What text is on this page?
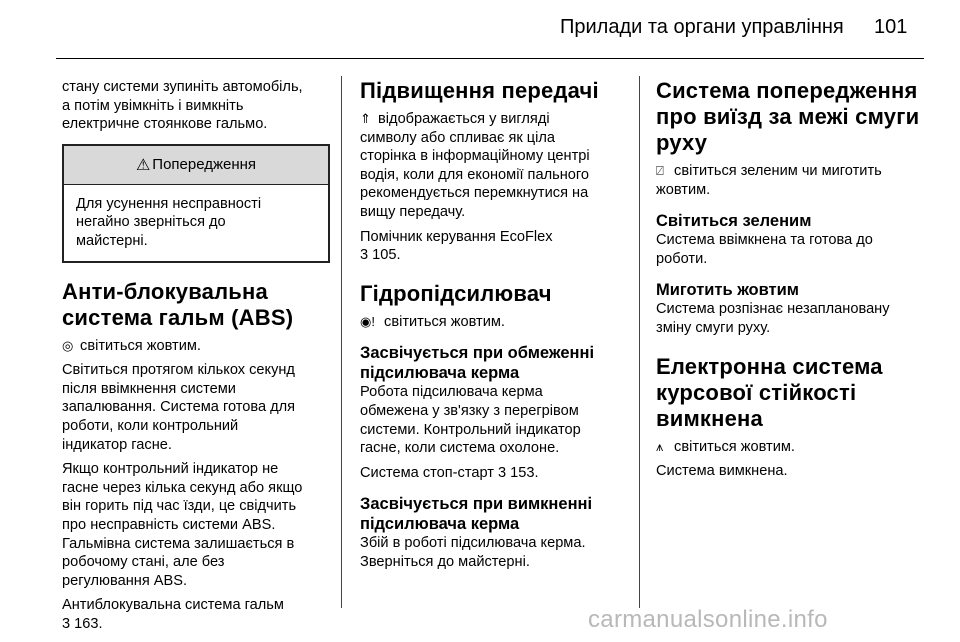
Прилади та органи управління 101

стану системи зупиніть автомобіль,
а потім увімкніть і вимкніть
електричне стоянкове гальмо.

⚠ Попередження

Для усунення несправності
негайно зверніться до
майстерні.

Анти-блокувальна
система гальм (ABS)

◎ світиться жовтим.

Світиться протягом кількох секунд
після ввімкнення системи
запалювання. Система готова для
роботи, коли контрольний
індикатор гасне.

Якщо контрольний індикатор не
гасне через кілька секунд або якщо
він горить під час їзди, це свідчить
про несправність системи ABS.
Гальмівна система залишається в
робочому стані, але без
регулювання ABS.

Антиблокувальна система гальм
3 163.

Підвищення передачі

⇑ відображається у вигляді
символу або спливає як ціла
сторінка в інформаційному центрі
водія, коли для економії пального
рекомендується перемкнутися на
вищу передачу.

Помічник керування EcoFlex
3 105.

Гідропідсилювач

◉! світиться жовтим.

Засвічується при обмеженні
підсилювача керма

Робота підсилювача керма
обмежена у зв'язку з перегрівом
системи. Контрольний індикатор
гасне, коли система охолоне.

Система стоп-старт 3 153.

Засвічується при вимкненні
підсилювача керма

Збій в роботі підсилювача керма.
Зверніться до майстерні.

Система попередження
про виїзд за межі смуги
руху

⍁ світиться зеленим чи миготить
жовтим.

Світиться зеленим

Система ввімкнена та готова до
роботи.

Миготить жовтим

Система розпізнає незаплановану
зміну смуги руху.

Електронна система
курсової стійкості
вимкнена

⩚ світиться жовтим.

Система вимкнена.

carmanualsonline.info
